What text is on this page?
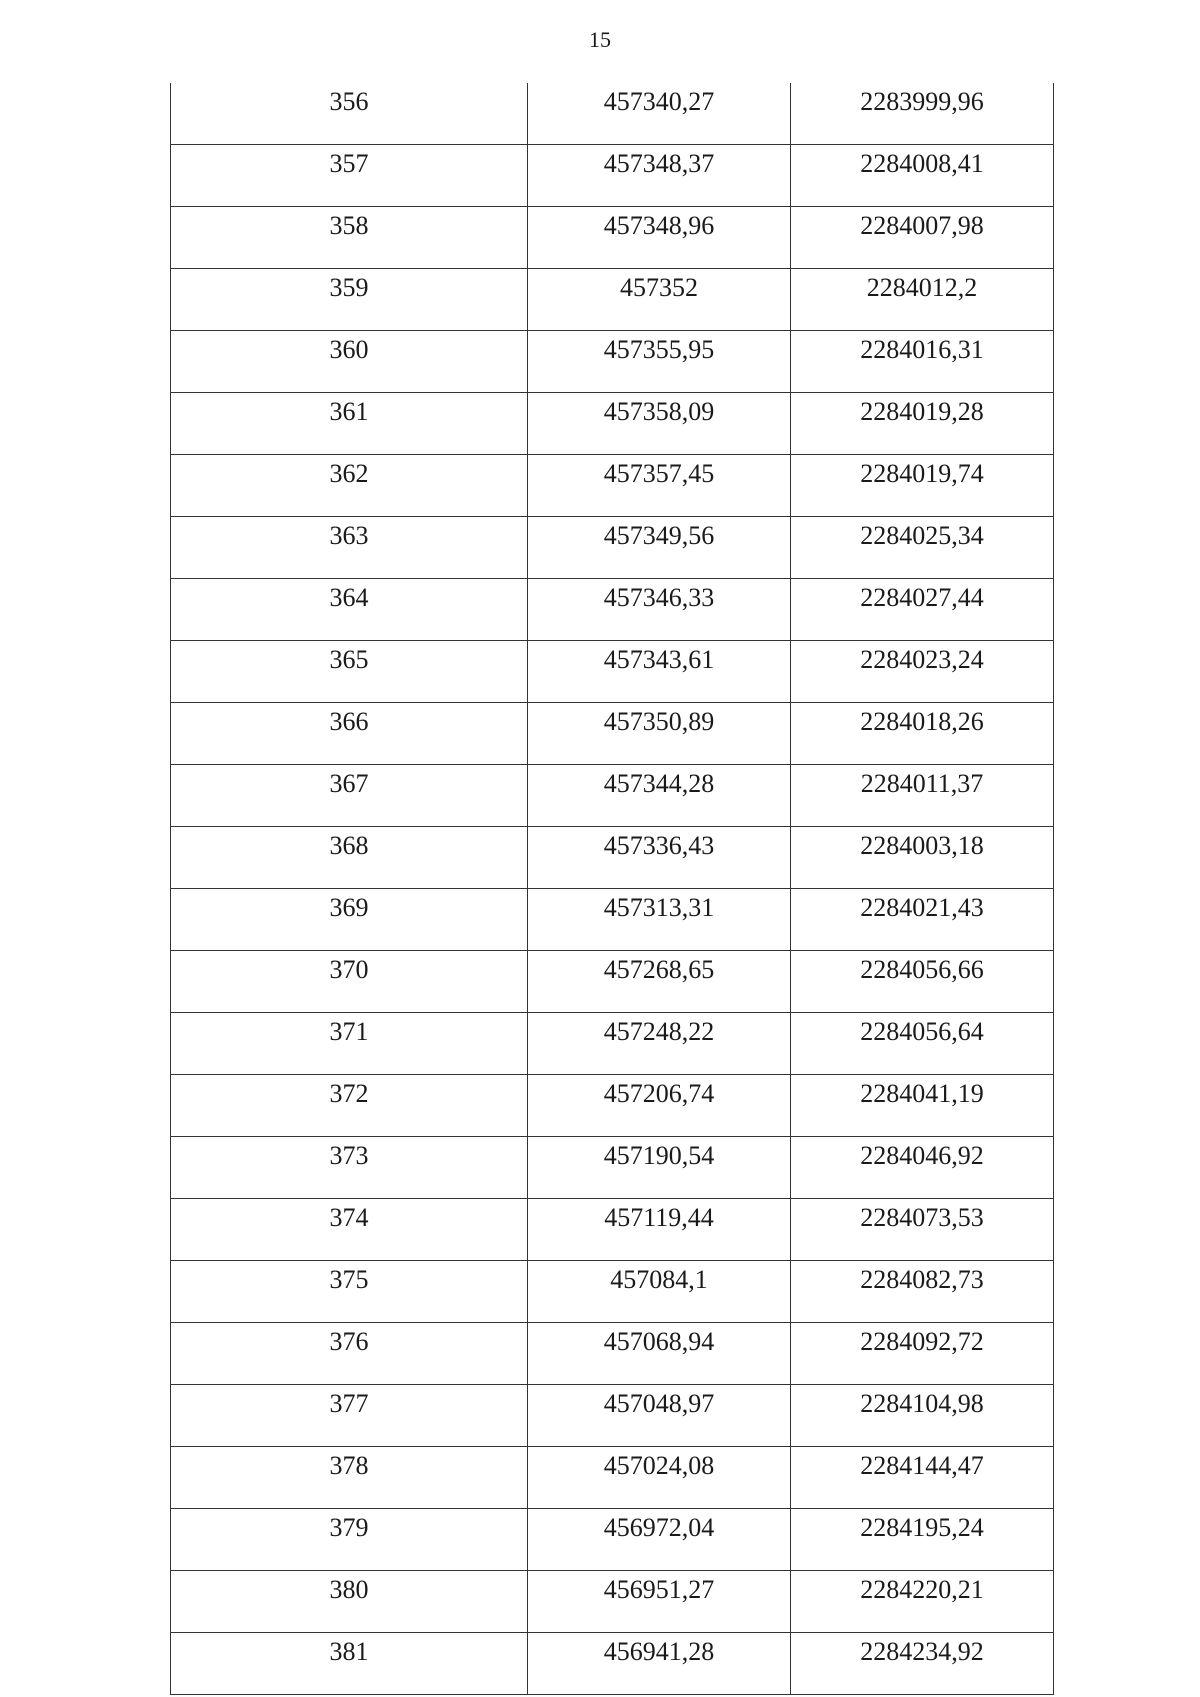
15
356	457340,27	2283999,96
357	457348,37	2284008,41
358	457348,96	2284007,98
359	457352	2284012,2
360	457355,95	2284016,31
361	457358,09	2284019,28
362	457357,45	2284019,74
363	457349,56	2284025,34
364	457346,33	2284027,44
365	457343,61	2284023,24
366	457350,89	2284018,26
367	457344,28	2284011,37
368	457336,43	2284003,18
369	457313,31	2284021,43
370	457268,65	2284056,66
371	457248,22	2284056,64
372	457206,74	2284041,19
373	457190,54	2284046,92
374	457119,44	2284073,53
375	457084,1	2284082,73
376	457068,94	2284092,72
377	457048,97	2284104,98
378	457024,08	2284144,47
379	456972,04	2284195,24
380	456951,27	2284220,21
381	456941,28	2284234,92
